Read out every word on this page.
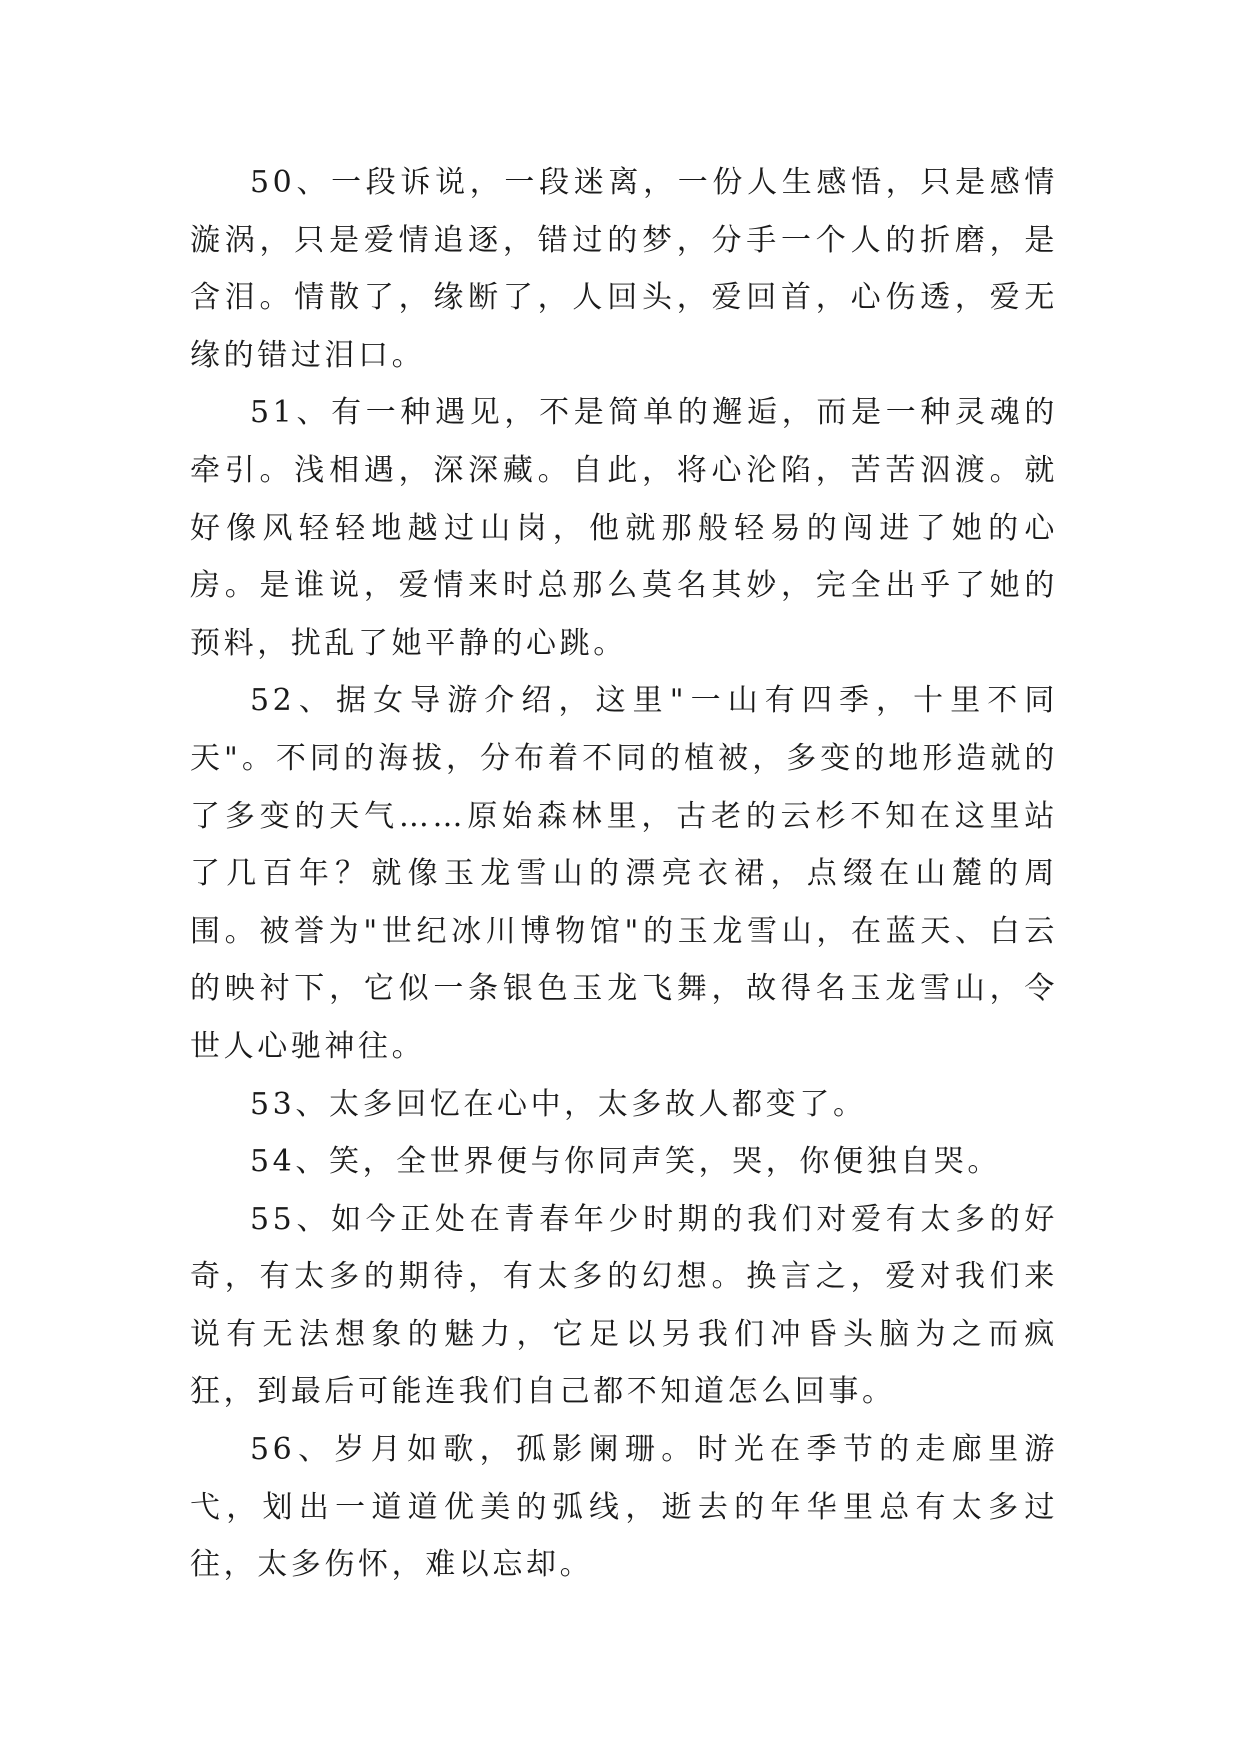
50、一段诉说，一段迷离，一份人生感悟，只是感情漩涡，只是爱情追逐，错过的梦，分手一个人的折磨，是含泪。情散了，缘断了，人回头，爱回首，心伤透，爱无缘的错过泪口。

51、有一种遇见，不是简单的邂逅，而是一种灵魂的牵引。浅相遇，深深藏。自此，将心沦陷，苦苦泅渡。就好像风轻轻地越过山岗，他就那般轻易的闯进了她的心房。是谁说，爱情来时总那么莫名其妙，完全出乎了她的预料，扰乱了她平静的心跳。

52、据女导游介绍，这里"一山有四季，十里不同天"。不同的海拔，分布着不同的植被，多变的地形造就的了多变的天气……原始森林里，古老的云杉不知在这里站了几百年？就像玉龙雪山的漂亮衣裙，点缀在山麓的周围。被誉为"世纪冰川博物馆"的玉龙雪山，在蓝天、白云的映衬下，它似一条银色玉龙飞舞，故得名玉龙雪山，令世人心驰神往。

53、太多回忆在心中，太多故人都变了。

54、笑，全世界便与你同声笑，哭，你便独自哭。

55、如今正处在青春年少时期的我们对爱有太多的好奇，有太多的期待，有太多的幻想。换言之，爱对我们来说有无法想象的魅力，它足以另我们冲昏头脑为之而疯狂，到最后可能连我们自己都不知道怎么回事。

56、岁月如歌，孤影阑珊。时光在季节的走廊里游弋，划出一道道优美的弧线，逝去的年华里总有太多过往，太多伤怀，难以忘却。
